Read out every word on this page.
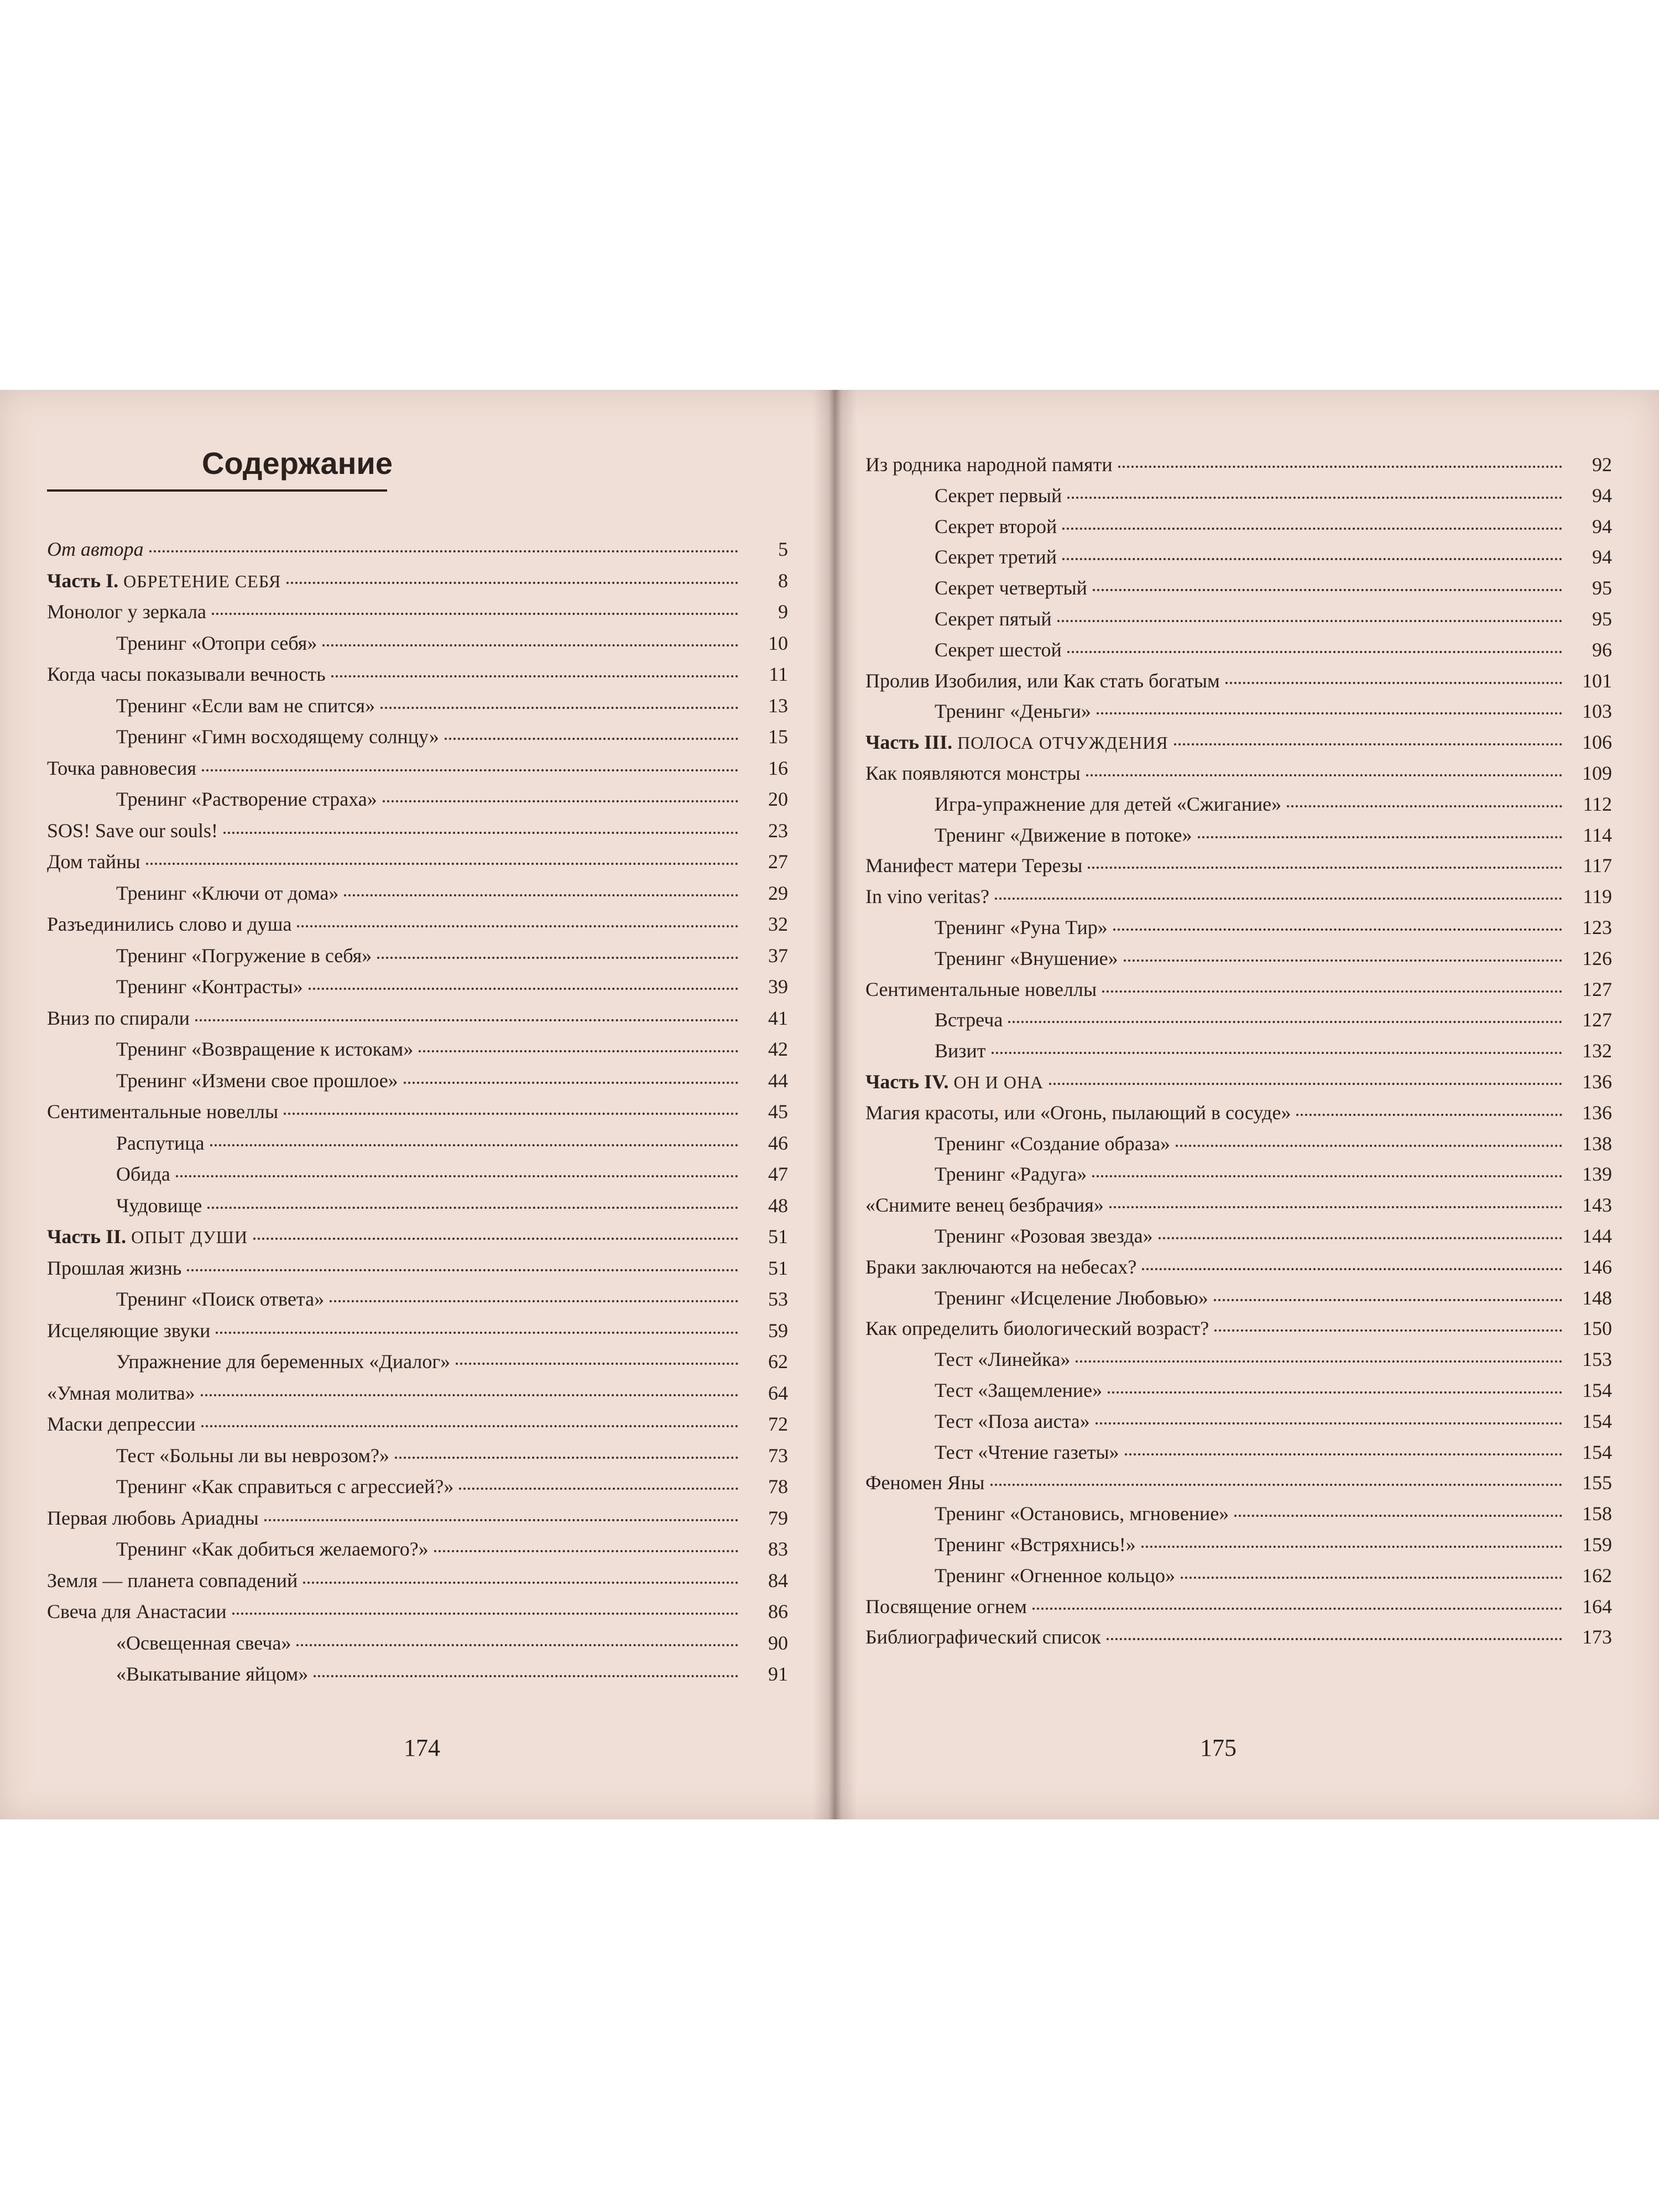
Содержание
От автора	5
Часть I. ОБРЕТЕНИЕ СЕБЯ	8
Монолог у зеркала	9
Тренинг «Отопри себя»	10
Когда часы показывали вечность	11
Тренинг «Если вам не спится»	13
Тренинг «Гимн восходящему солнцу»	15
Точка равновесия	16
Тренинг «Растворение страха»	20
SOS! Save our souls!	23
Дом тайны	27
Тренинг «Ключи от дома»	29
Разъединились слово и душа	32
Тренинг «Погружение в себя»	37
Тренинг «Контрасты»	39
Вниз по спирали	41
Тренинг «Возвращение к истокам»	42
Тренинг «Измени свое прошлое»	44
Сентиментальные новеллы	45
Распутица	46
Обида	47
Чудовище	48
Часть II. ОПЫТ ДУШИ	51
Прошлая жизнь	51
Тренинг «Поиск ответа»	53
Исцеляющие звуки	59
Упражнение для беременных «Диалог»	62
«Умная молитва»	64
Маски депрессии	72
Тест «Больны ли вы неврозом?»	73
Тренинг «Как справиться с агрессией?»	78
Первая любовь Ариадны	79
Тренинг «Как добиться желаемого?»	83
Земля — планета совпадений	84
Свеча для Анастасии	86
«Освещенная свеча»	90
«Выкатывание яйцом»	91
174
Из родника народной памяти	92
Секрет первый	94
Секрет второй	94
Секрет третий	94
Секрет четвертый	95
Секрет пятый	95
Секрет шестой	96
Пролив Изобилия, или Как стать богатым	101
Тренинг «Деньги»	103
Часть III. ПОЛОСА ОТЧУЖДЕНИЯ	106
Как появляются монстры	109
Игра-упражнение для детей «Сжигание»	112
Тренинг «Движение в потоке»	114
Манифест матери Терезы	117
In vino veritas?	119
Тренинг «Руна Тир»	123
Тренинг «Внушение»	126
Сентиментальные новеллы	127
Встреча	127
Визит	132
Часть IV. ОН И ОНА	136
Магия красоты, или «Огонь, пылающий в сосуде»	136
Тренинг «Создание образа»	138
Тренинг «Радуга»	139
«Снимите венец безбрачия»	143
Тренинг «Розовая звезда»	144
Браки заключаются на небесах?	146
Тренинг «Исцеление Любовью»	148
Как определить биологический возраст?	150
Тест «Линейка»	153
Тест «Защемление»	154
Тест «Поза аиста»	154
Тест «Чтение газеты»	154
Феномен Яны	155
Тренинг «Остановись, мгновение»	158
Тренинг «Встряхнись!»	159
Тренинг «Огненное кольцо»	162
Посвящение огнем	164
Библиографический список	173
175
